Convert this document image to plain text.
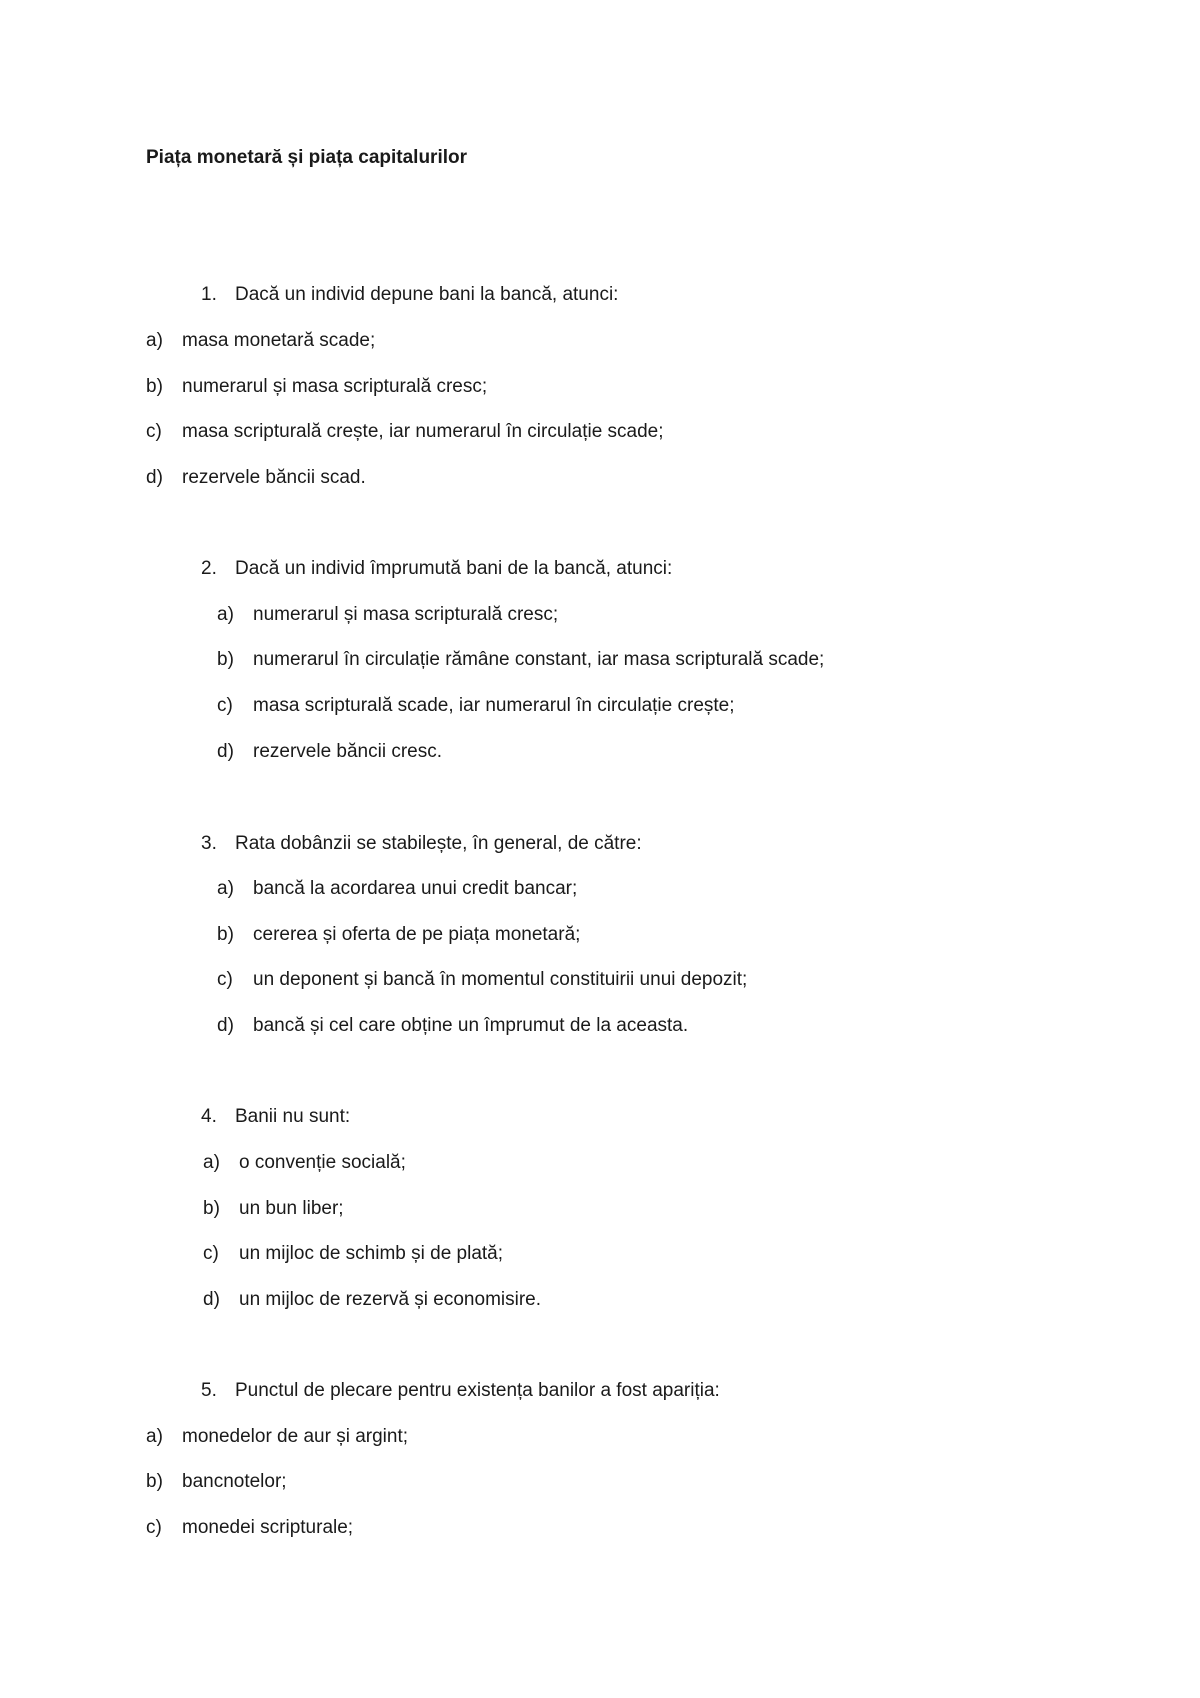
Piața monetară și piața capitalurilor
1. Dacă un individ depune bani la bancă, atunci:
a) masa monetară scade;
b) numerarul și masa scripturală cresc;
c) masa scripturală crește, iar numerarul în circulație scade;
d) rezervele băncii scad.
2. Dacă un individ împrumută bani de la bancă, atunci:
a) numerarul și masa scripturală cresc;
b) numerarul în circulație rămâne constant, iar masa scripturală scade;
c) masa scripturală scade, iar numerarul în circulație crește;
d) rezervele băncii cresc.
3. Rata dobânzii se stabilește, în general, de către:
a) bancă la acordarea unui credit bancar;
b) cererea și oferta de pe piața monetară;
c) un deponent și bancă în momentul constituirii unui depozit;
d) bancă și cel care obține un împrumut de la aceasta.
4. Banii nu sunt:
a) o convenție socială;
b) un bun liber;
c) un mijloc de schimb și de plată;
d) un mijloc de rezervă și economisire.
5. Punctul de plecare pentru existența banilor a fost apariția:
a) monedelor de aur și argint;
b) bancnotelor;
c) monedei scripturale;
